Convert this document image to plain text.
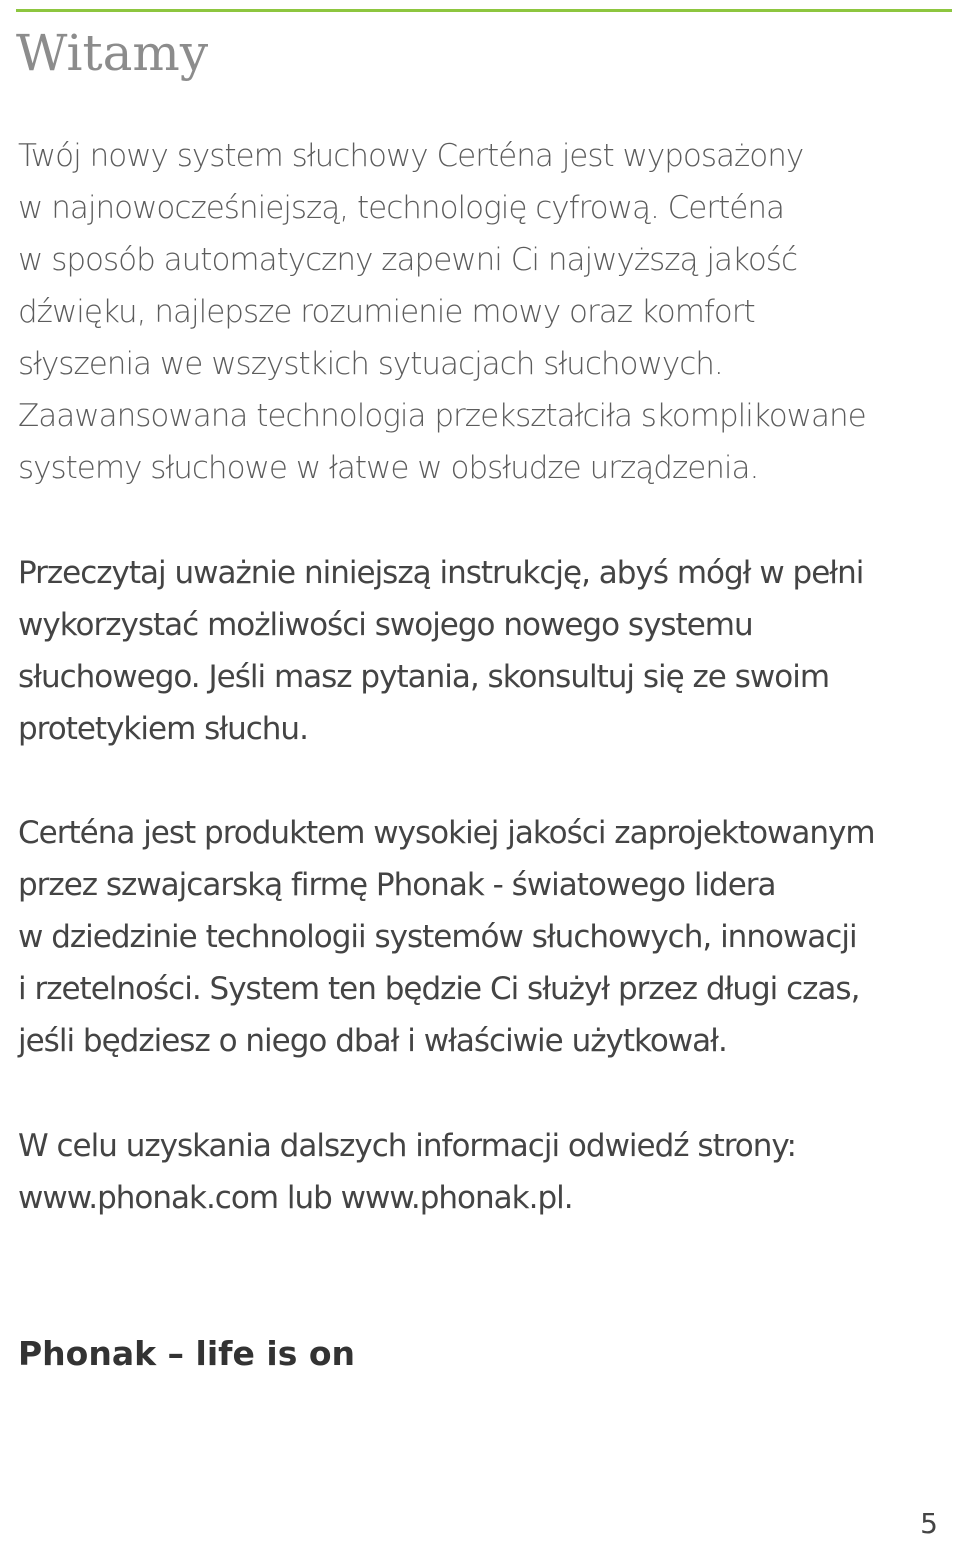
Witamy

Twój nowy system słuchowy Certéna jest wyposażony
w najnowocześniejszą, technologię cyfrową. Certéna
w sposób automatyczny zapewni Ci najwyższą jakość
dźwięku, najlepsze rozumienie mowy oraz komfort
słyszenia we wszystkich sytuacjach słuchowych.
Zaawansowana technologia przekształciła skomplikowane
systemy słuchowe w łatwe w obsłudze urządzenia.

Przeczytaj uważnie niniejszą instrukcję, abyś mógł w pełni
wykorzystać możliwości swojego nowego systemu
słuchowego. Jeśli masz pytania, skonsultuj się ze swoim
protetykiem słuchu.

Certéna jest produktem wysokiej jakości zaprojektowanym
przez szwajcarską firmę Phonak - światowego lidera
w dziedzinie technologii systemów słuchowych, innowacji
i rzetelności. System ten będzie Ci służył przez długi czas,
jeśli będziesz o niego dbał i właściwie użytkował.

W celu uzyskania dalszych informacji odwiedź strony:
www.phonak.com lub www.phonak.pl.

Phonak – life is on

5
